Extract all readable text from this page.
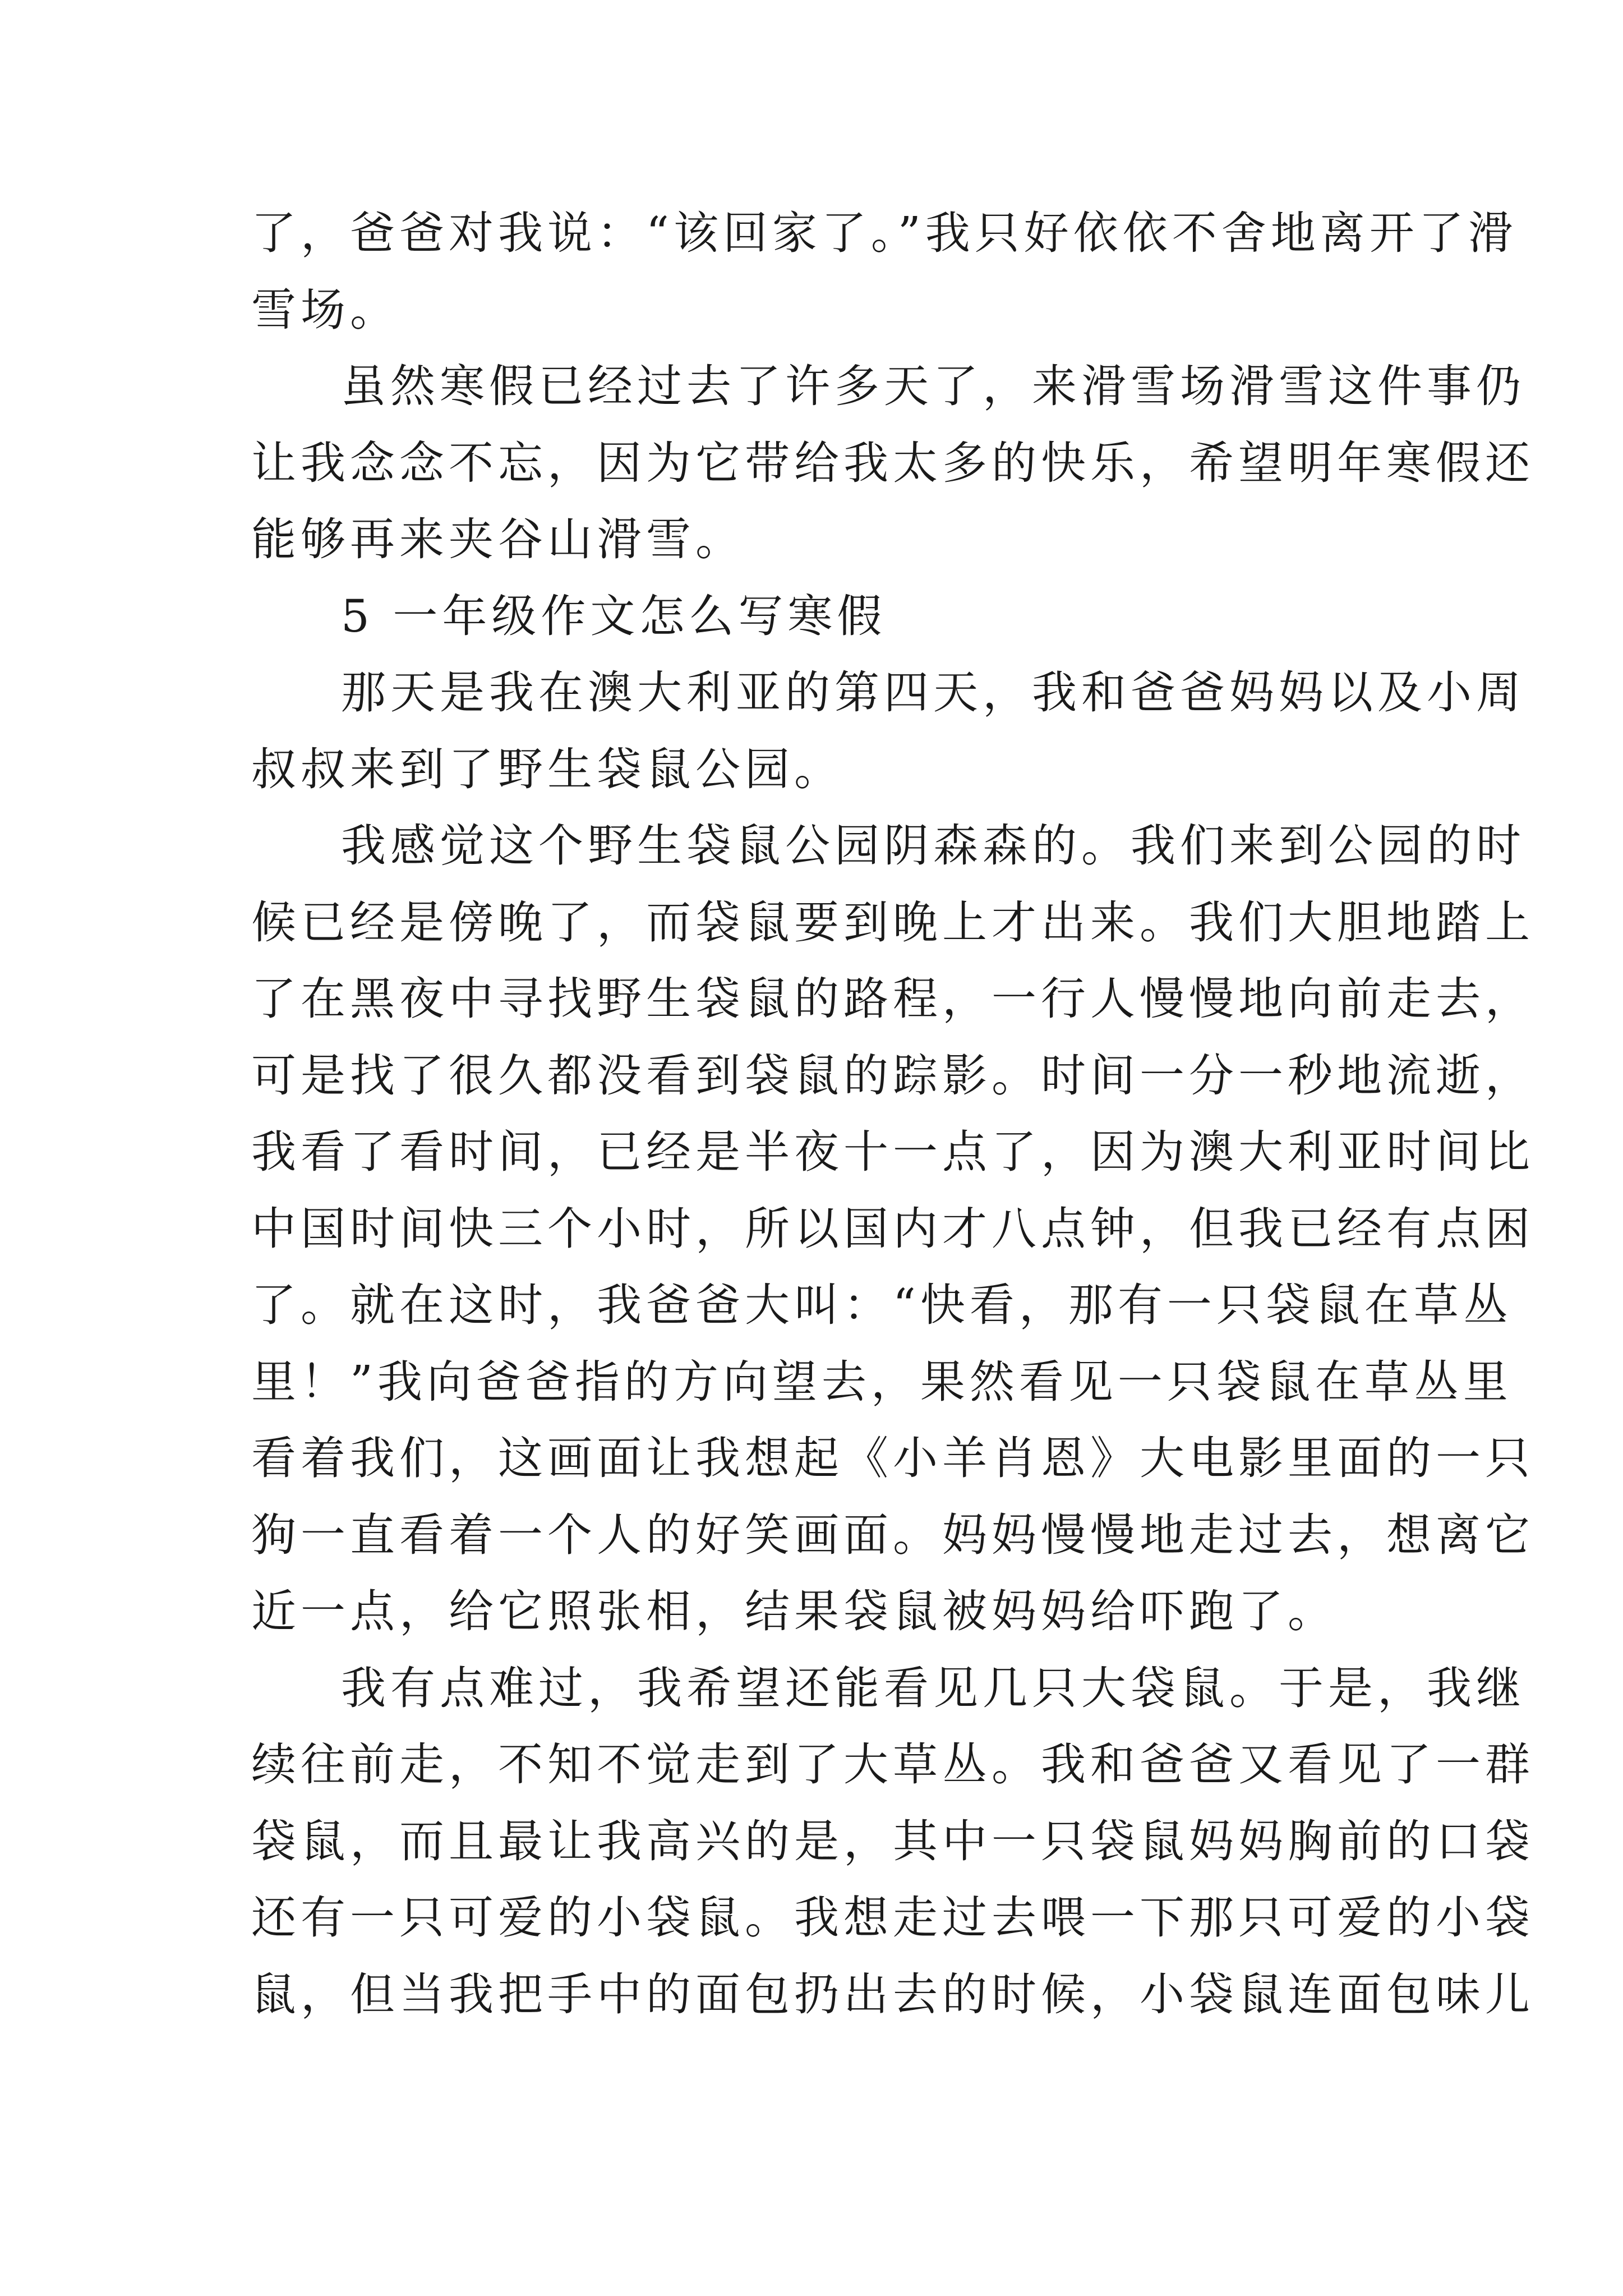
了，爸爸对我说：“该回家了。”我只好依依不舍地离开了滑
雪场。
虽然寒假已经过去了许多天了，来滑雪场滑雪这件事仍
让我念念不忘，因为它带给我太多的快乐，希望明年寒假还
能够再来夹谷山滑雪。
5 一年级作文怎么写寒假
那天是我在澳大利亚的第四天，我和爸爸妈妈以及小周
叔叔来到了野生袋鼠公园。
我感觉这个野生袋鼠公园阴森森的。我们来到公园的时
候已经是傍晚了，而袋鼠要到晚上才出来。我们大胆地踏上
了在黑夜中寻找野生袋鼠的路程，一行人慢慢地向前走去，
可是找了很久都没看到袋鼠的踪影。时间一分一秒地流逝，
我看了看时间，已经是半夜十一点了，因为澳大利亚时间比
中国时间快三个小时，所以国内才八点钟，但我已经有点困
了。就在这时，我爸爸大叫：“快看，那有一只袋鼠在草丛
里！”我向爸爸指的方向望去，果然看见一只袋鼠在草丛里
看着我们，这画面让我想起《小羊肖恩》大电影里面的一只
狗一直看着一个人的好笑画面。妈妈慢慢地走过去，想离它
近一点，给它照张相，结果袋鼠被妈妈给吓跑了。
我有点难过，我希望还能看见几只大袋鼠。于是，我继
续往前走，不知不觉走到了大草丛。我和爸爸又看见了一群
袋鼠，而且最让我高兴的是，其中一只袋鼠妈妈胸前的口袋
还有一只可爱的小袋鼠。我想走过去喂一下那只可爱的小袋
鼠，但当我把手中的面包扔出去的时候，小袋鼠连面包味儿
